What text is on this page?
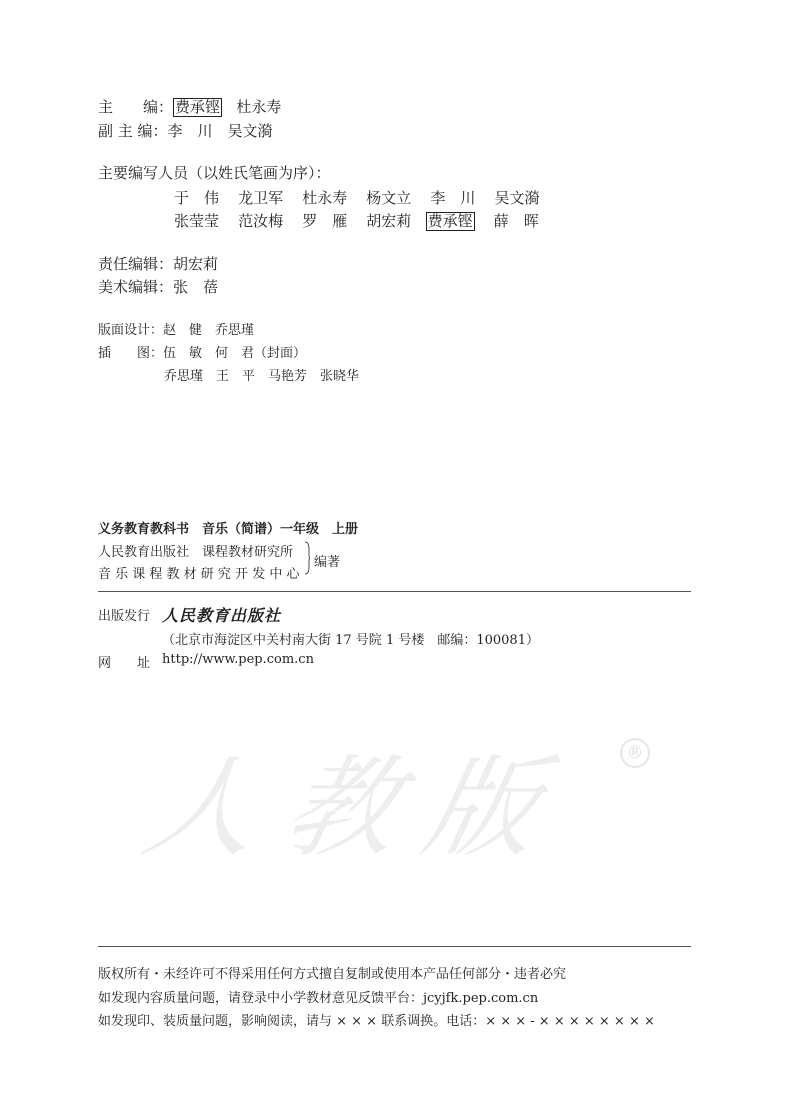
主　　编： 费承铿 杜永寿
副 主 编：李　川　吴文漪
主要编写人员（以姓氏笔画为序）：
于　伟 龙卫军 杜永寿 杨文立 李　川 吴文漪
张莹莹 范汝梅 罗　雁 胡宏莉 费承铿 薛　晖
责任编辑：胡宏莉
美术编辑：张　蓓
版面设计：赵　健　乔思瑾
插　　图：伍　敏　何　君（封面）
乔思瑾　王　平　马艳芳　张晓华
义务教育教科书　音乐（简谱）一年级　上册
人民教育出版社　课程教材研究所
音 乐 课 程 教 材 研 究 开 发 中 心
编著
出版发行 人民教育出版社
（北京市海淀区中关村南大街 17 号院 1 号楼　邮编：100081）
网　　址 http://www.pep.com.cn
人教版	®
版权所有・未经许可不得采用任何方式擅自复制或使用本产品任何部分・违者必究
如发现内容质量问题，请登录中小学教材意见反馈平台：jcyjfk.pep.com.cn
如发现印、装质量问题，影响阅读，请与 × × × 联系调换。电话：× × × - × × × × × × × ×
